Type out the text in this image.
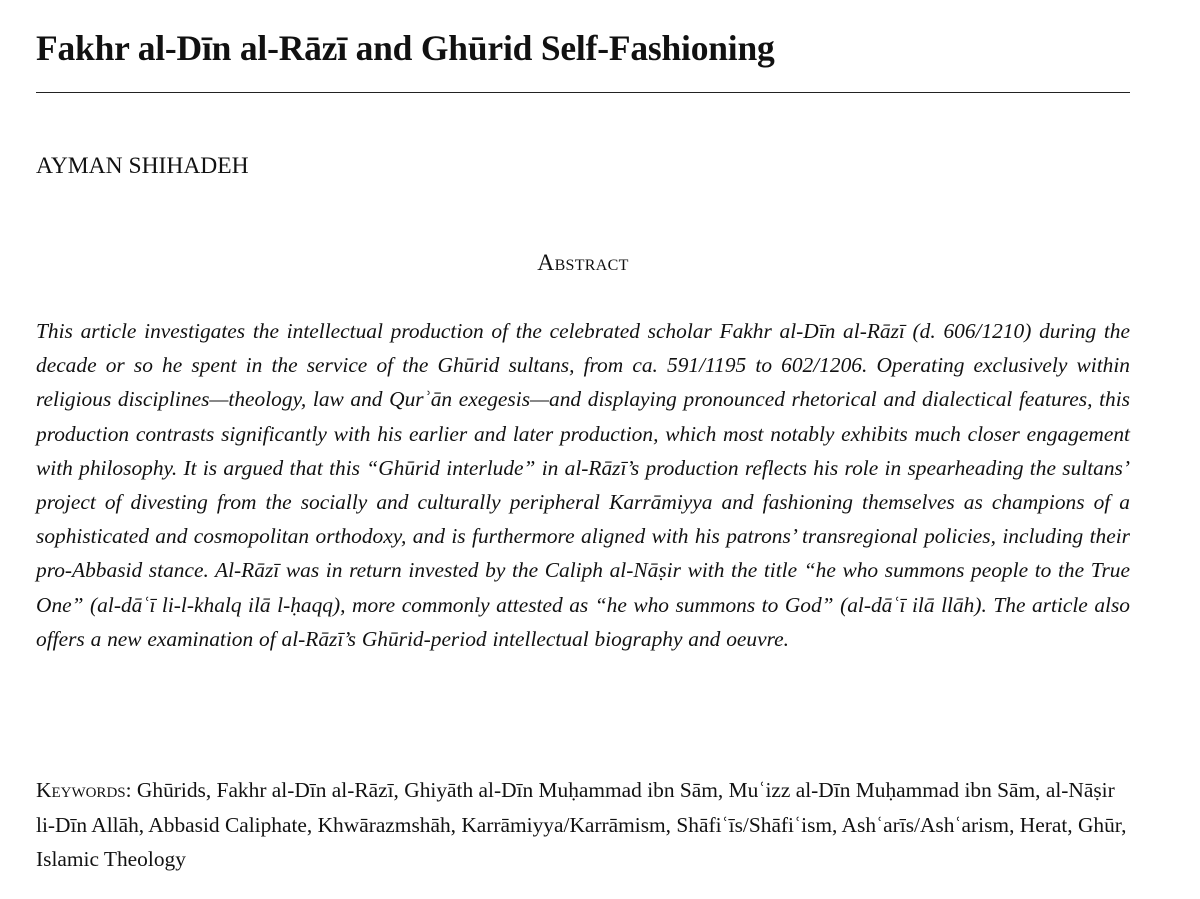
Fakhr al-Dīn al-Rāzī and Ghūrid Self-Fashioning
AYMAN SHIHADEH
Abstract

This article investigates the intellectual production of the celebrated scholar Fakhr al-Dīn al-Rāzī (d. 606/1210) during the decade or so he spent in the service of the Ghūrid sultans, from ca. 591/1195 to 602/1206. Operating exclusively within religious disciplines—theology, law and Qurʾān exegesis—and displaying pronounced rhetorical and dialectical features, this production contrasts significantly with his earlier and later production, which most notably exhibits much closer engagement with philosophy. It is argued that this “Ghūrid interlude” in al-Rāzī’s production reflects his role in spearheading the sultans’ project of divesting from the socially and culturally peripheral Karrāmiyya and fashioning themselves as champions of a sophisticated and cosmopolitan orthodoxy, and is furthermore aligned with his patrons’ transregional policies, including their pro-Abbasid stance. Al-Rāzī was in return invested by the Caliph al-Nāṣir with the title “he who summons people to the True One” (al-dāʿī li-l-khalq ilā l-ḥaqq), more commonly attested as “he who summons to God” (al-dāʿī ilā llāh). The article also offers a new examination of al-Rāzī’s Ghūrid-period intellectual biography and oeuvre.

Keywords: Ghūrids, Fakhr al-Dīn al-Rāzī, Ghiyāth al-Dīn Muḥammad ibn Sām, Muʿizz al-Dīn Muḥammad ibn Sām, al-Nāṣir li-Dīn Allāh, Abbasid Caliphate, Khwārazmshāh, Karrāmiyya/Karrāmism, Shāfiʿīs/Shāfiʿism, Ashʿarīs/Ashʿarism, Herat, Ghūr, Islamic Theology
